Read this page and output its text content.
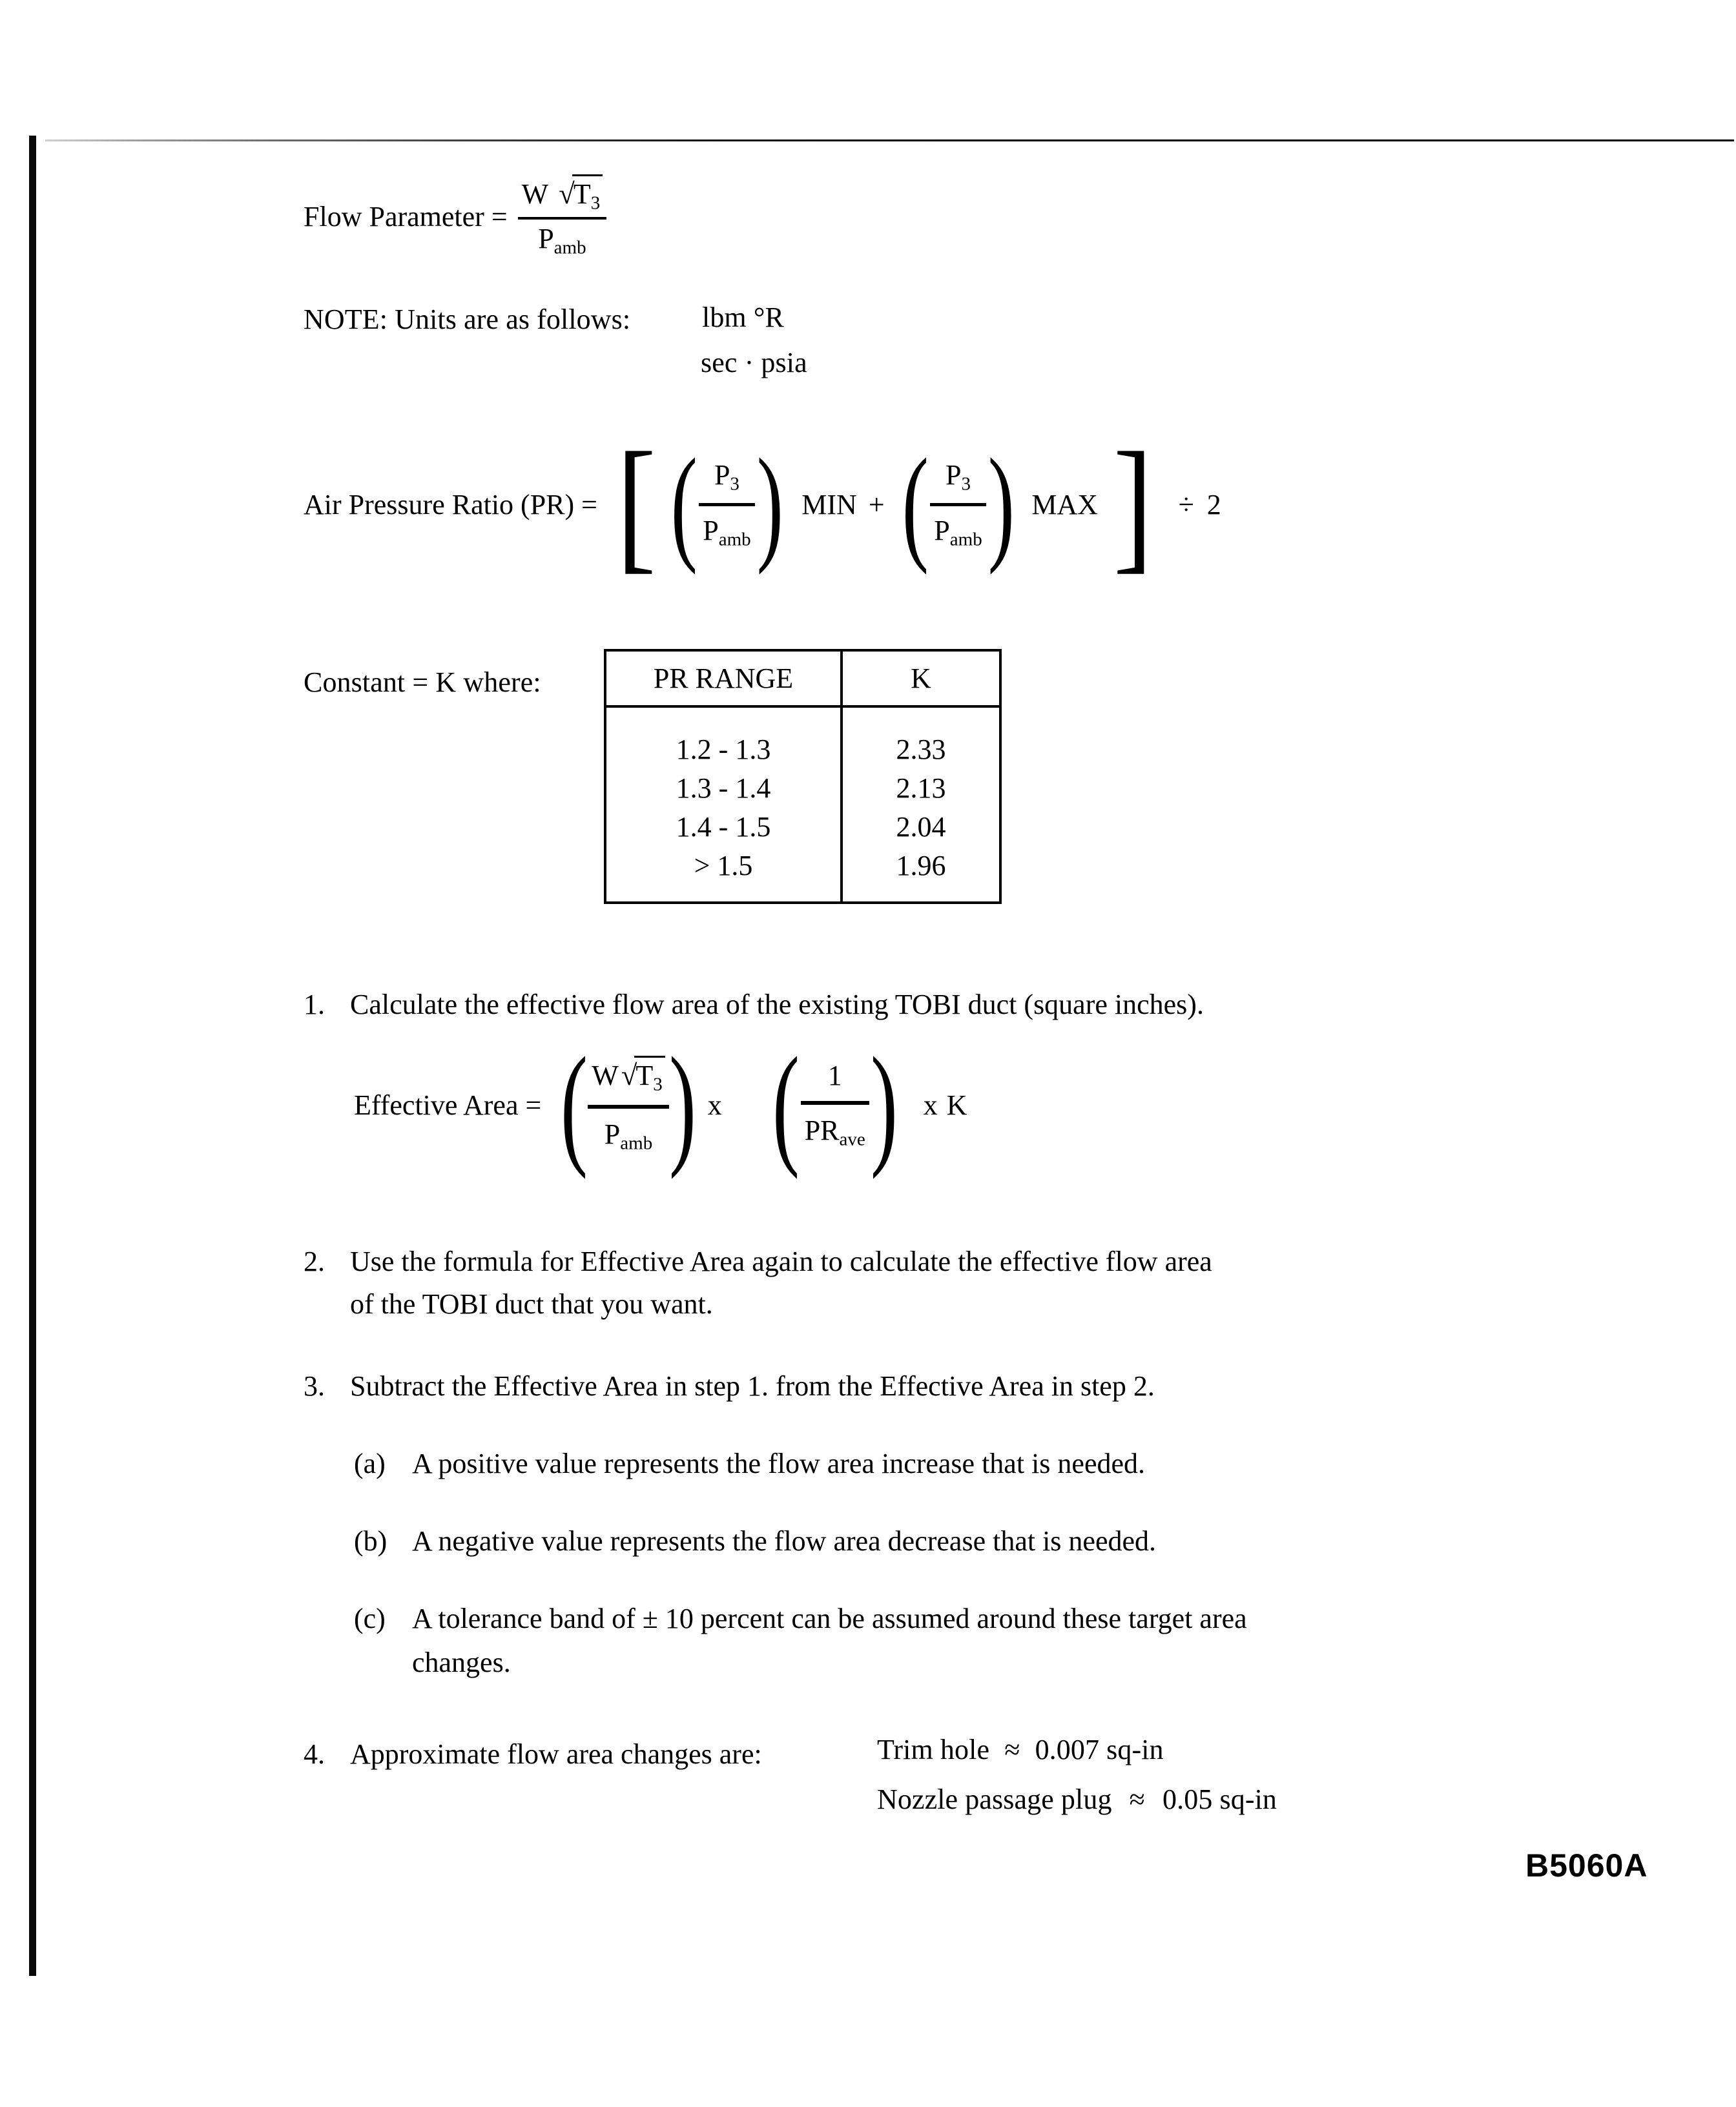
Flow Parameter = $\frac{W √T_3}{P_{amb}}$
NOTE: Units are as follows:	lbm °R
sec · psia
Air Pressure Ratio (PR) = [ ( $P_3$
$P_{amb}$ ) MIN + ( $P_3$
$P_{amb}$ ) MAX ] ÷ 2
Constant = K where:	PR RANGE	K

1.2 - 1.3	2.33
1.3 - 1.4	2.13
1.4 - 1.5	2.04
> 1.5	1.96

1. Calculate the effective flow area of the existing TOBI duct (square inches).
Effective Area = ( $W√T_3$
$P_{amb}$ ) x (	1
$PR_{ave}$ ) x K
2. Use the formula for Effective Area again to calculate the effective flow area
of the TOBI duct that you want.
3. Subtract the Effective Area in step 1. from the Effective Area in step 2.
(a) A positive value represents the flow area increase that is needed.
(b) A negative value represents the flow area decrease that is needed.
(c) A tolerance band of ± 10 percent can be assumed around these target area
changes.
4. Approximate flow area changes are:	Trim hole ≈ 0.007 sq-in
Nozzle passage plug ≈ 0.05 sq-in
B5060A
